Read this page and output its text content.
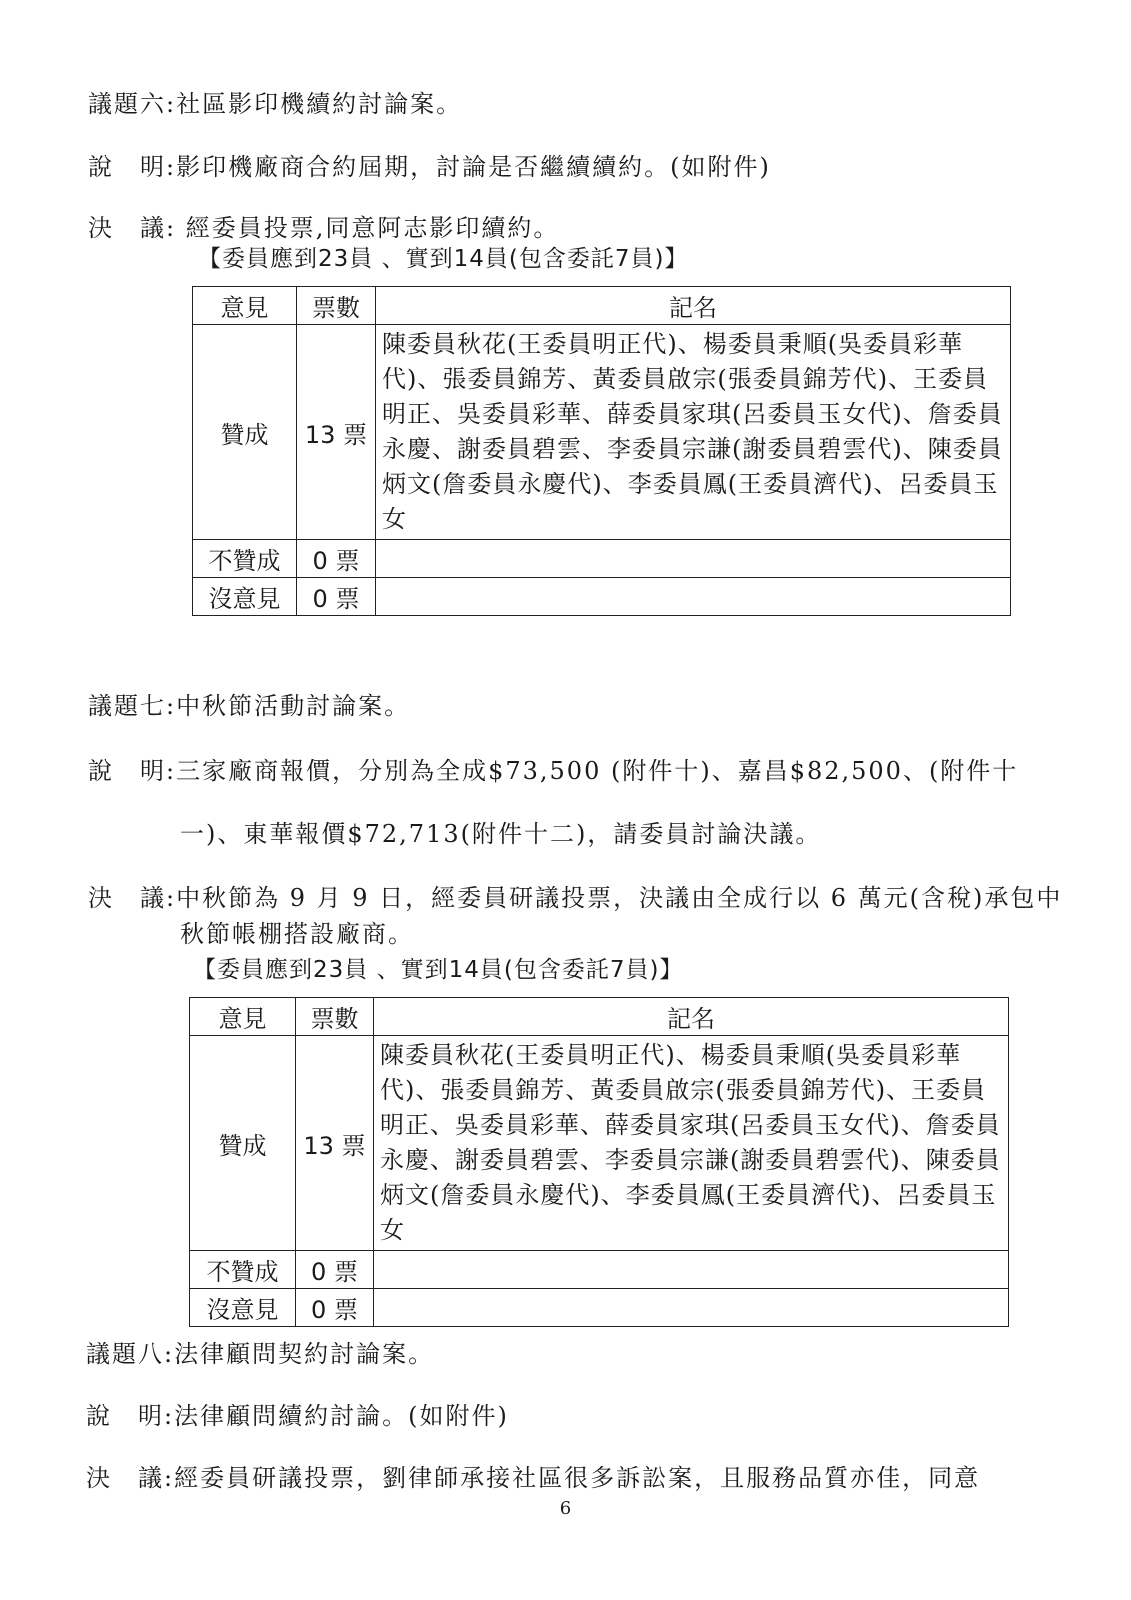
議題六:社區影印機續約討論案。
說　明:影印機廠商合約屆期，討論是否繼續續約。(如附件)
決　議: 經委員投票,同意阿志影印續約。
【委員應到23員 、實到14員(包含委託7員)】
意見	票數	記名
贊成	13 票	陳委員秋花(王委員明正代)、楊委員秉順(吳委員彩華代)、張委員錦芳、黃委員啟宗(張委員錦芳代)、王委員明正、吳委員彩華、薛委員家琪(呂委員玉女代)、詹委員永慶、謝委員碧雲、李委員宗謙(謝委員碧雲代)、陳委員炳文(詹委員永慶代)、李委員鳳(王委員濟代)、呂委員玉女
不贊成	0 票	
沒意見	0 票	
議題七:中秋節活動討論案。
說　明:三家廠商報價，分別為全成$73,500 (附件十)、嘉昌$82,500、(附件十
一)、東華報價$72,713(附件十二)，請委員討論決議。
決　議:中秋節為 9 月 9 日，經委員研議投票，決議由全成行以 6 萬元(含稅)承包中
秋節帳棚搭設廠商。
【委員應到23員 、實到14員(包含委託7員)】
意見	票數	記名
贊成	13 票	陳委員秋花(王委員明正代)、楊委員秉順(吳委員彩華代)、張委員錦芳、黃委員啟宗(張委員錦芳代)、王委員明正、吳委員彩華、薛委員家琪(呂委員玉女代)、詹委員永慶、謝委員碧雲、李委員宗謙(謝委員碧雲代)、陳委員炳文(詹委員永慶代)、李委員鳳(王委員濟代)、呂委員玉女
不贊成	0 票	
沒意見	0 票	
議題八:法律顧問契約討論案。
說　明:法律顧問續約討論。(如附件)
決　議:經委員研議投票，劉律師承接社區很多訴訟案，且服務品質亦佳，同意
6
